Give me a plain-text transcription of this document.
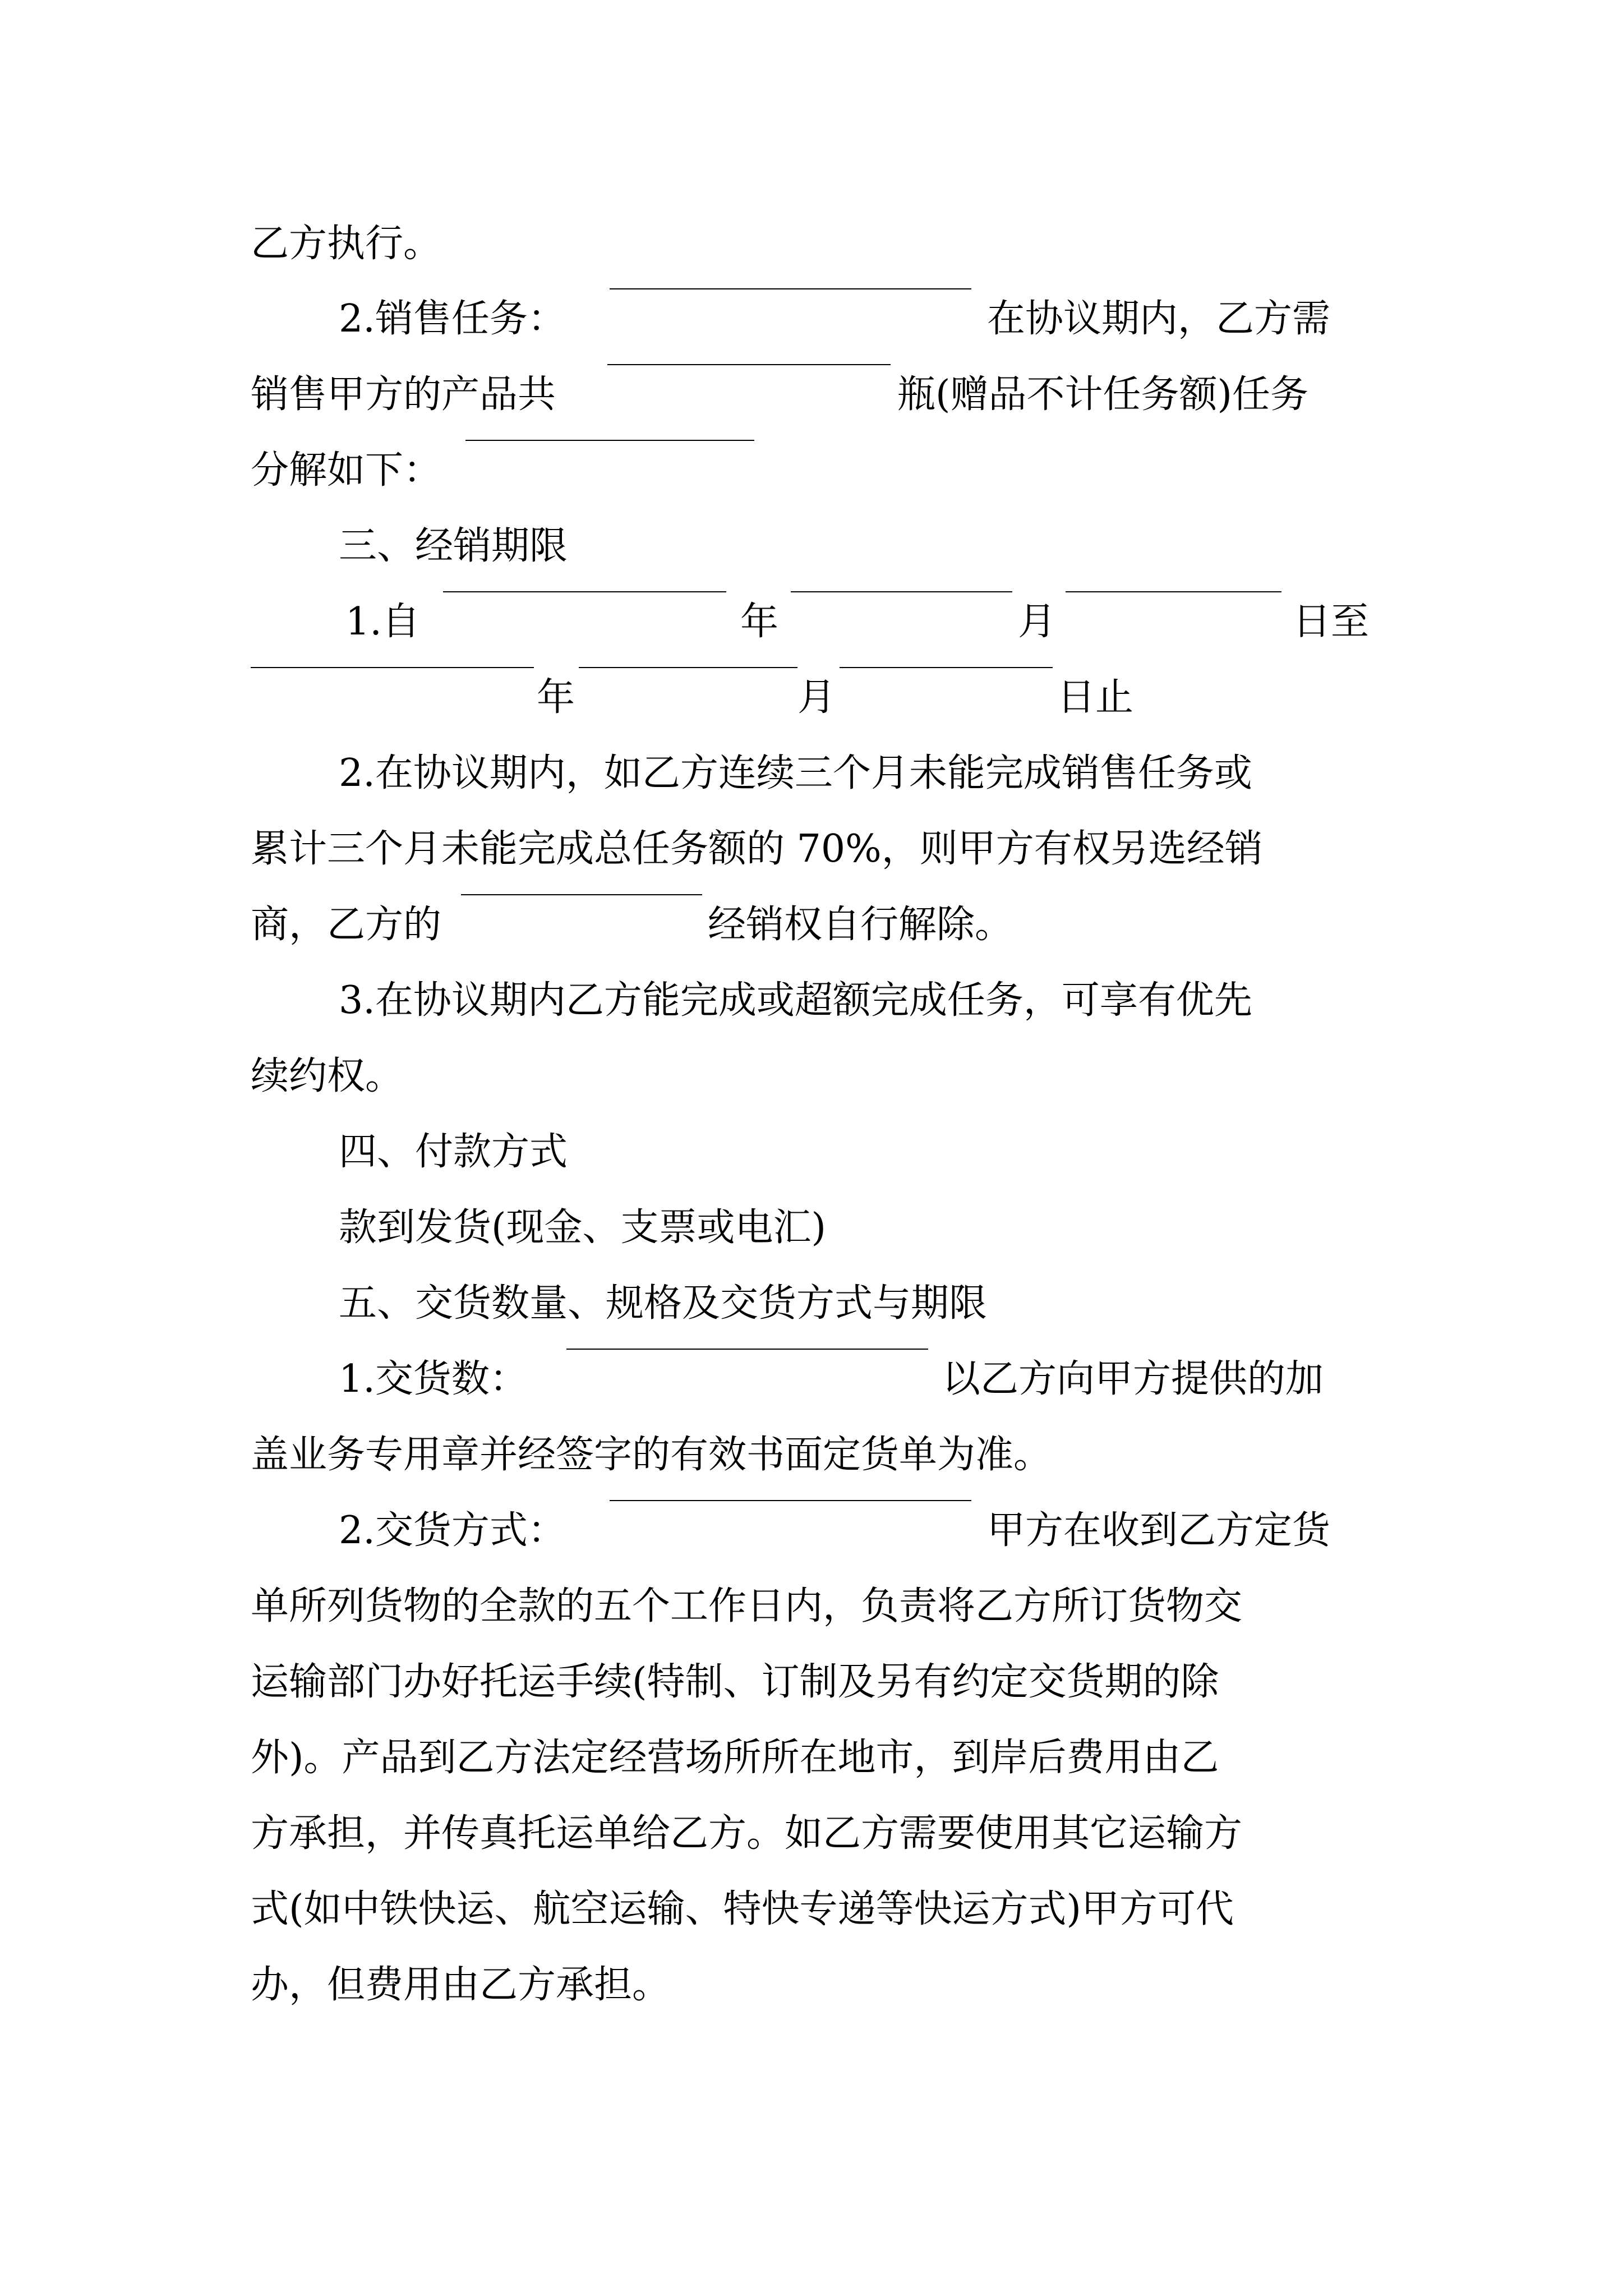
乙方执行。
2.销售任务：	在协议期内，乙方需
销售甲方的产品共	瓶(赠品不计任务额)任务
分解如下：
三、经销期限
1.自	年	月	日至
年	月	日止
2.在协议期内，如乙方连续三个月未能完成销售任务或
累计三个月未能完成总任务额的 70%，则甲方有权另选经销
商，乙方的	经销权自行解除。
3.在协议期内乙方能完成或超额完成任务，可享有优先
续约权。
四、付款方式
款到发货(现金、支票或电汇)
五、交货数量、规格及交货方式与期限
1.交货数：	以乙方向甲方提供的加
盖业务专用章并经签字的有效书面定货单为准。
2.交货方式：	甲方在收到乙方定货
单所列货物的全款的五个工作日内，负责将乙方所订货物交
运输部门办好托运手续(特制、订制及另有约定交货期的除
外)。产品到乙方法定经营场所所在地市，到岸后费用由乙
方承担，并传真托运单给乙方。如乙方需要使用其它运输方
式(如中铁快运、航空运输、特快专递等快运方式)甲方可代
办，但费用由乙方承担。
